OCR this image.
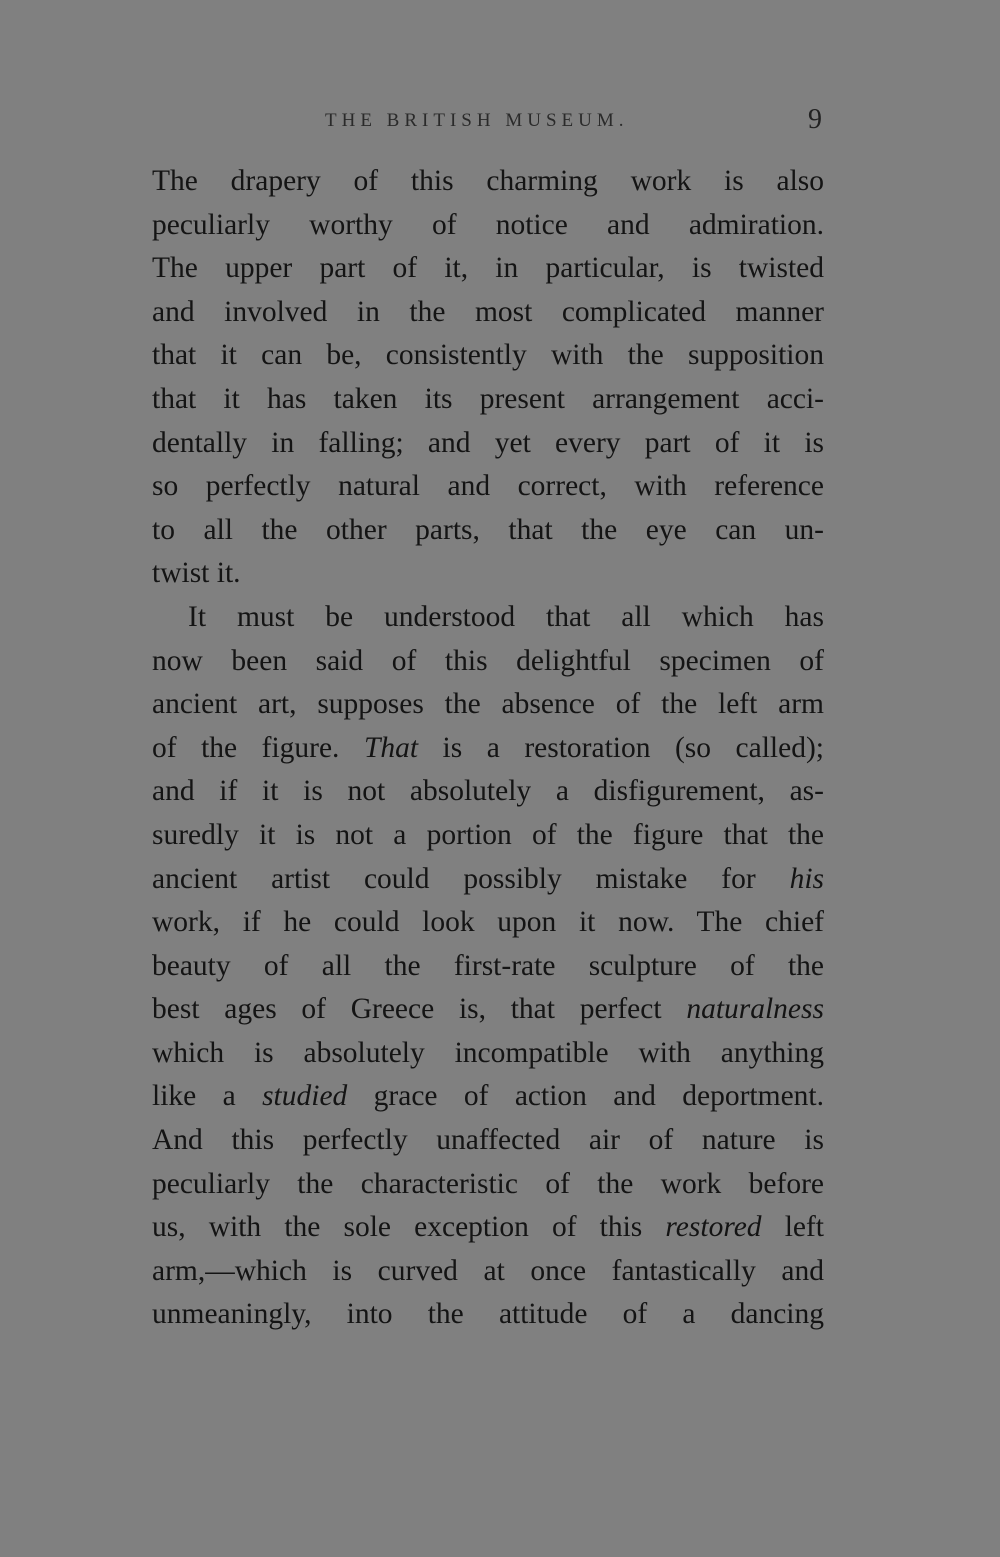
THE BRITISH MUSEUM.	9
The drapery of this charming work is also
peculiarly worthy of notice and admiration.
The upper part of it, in particular, is twisted
and involved in the most complicated manner
that it can be, consistently with the supposition
that it has taken its present arrangement acci-
dentally in falling; and yet every part of it is
so perfectly natural and correct, with reference
to all the other parts, that the eye can un-
twist it.
It must be understood that all which has
now been said of this delightful specimen of
ancient art, supposes the absence of the left arm
of the figure. That is a restoration (so called);
and if it is not absolutely a disfigurement, as-
suredly it is not a portion of the figure that the
ancient artist could possibly mistake for his
work, if he could look upon it now. The chief
beauty of all the first-rate sculpture of the
best ages of Greece is, that perfect naturalness
which is absolutely incompatible with anything
like a studied grace of action and deportment.
And this perfectly unaffected air of nature is
peculiarly the characteristic of the work before
us, with the sole exception of this restored left
arm,—which is curved at once fantastically and
unmeaningly, into the attitude of a dancing
